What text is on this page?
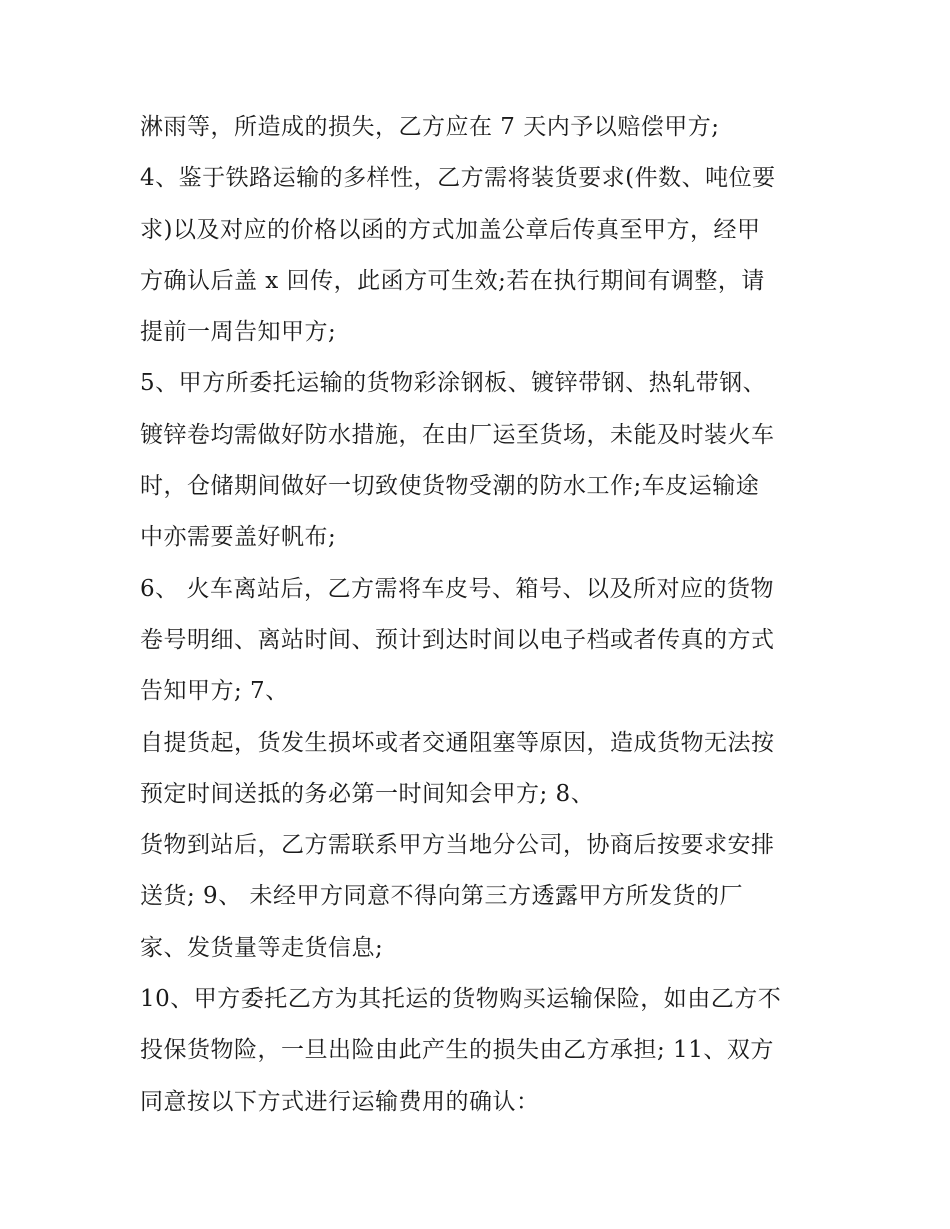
淋雨等，所造成的损失，乙方应在 7 天内予以赔偿甲方;
4、鉴于铁路运输的多样性，乙方需将装货要求(件数、吨位要
求)以及对应的价格以函的方式加盖公章后传真至甲方，经甲
方确认后盖 x 回传，此函方可生效;若在执行期间有调整，请
提前一周告知甲方;
5、甲方所委托运输的货物彩涂钢板、镀锌带钢、热轧带钢、
镀锌卷均需做好防水措施，在由厂运至货场，未能及时装火车
时，仓储期间做好一切致使货物受潮的防水工作;车皮运输途
中亦需要盖好帆布;
6、 火车离站后，乙方需将车皮号、箱号、以及所对应的货物
卷号明细、离站时间、预计到达时间以电子档或者传真的方式
告知甲方; 7、
自提货起，货发生损坏或者交通阻塞等原因，造成货物无法按
预定时间送抵的务必第一时间知会甲方; 8、
货物到站后，乙方需联系甲方当地分公司，协商后按要求安排
送货; 9、 未经甲方同意不得向第三方透露甲方所发货的厂
家、发货量等走货信息;
10、甲方委托乙方为其托运的货物购买运输保险，如由乙方不
投保货物险，一旦出险由此产生的损失由乙方承担; 11、双方
同意按以下方式进行运输费用的确认：
